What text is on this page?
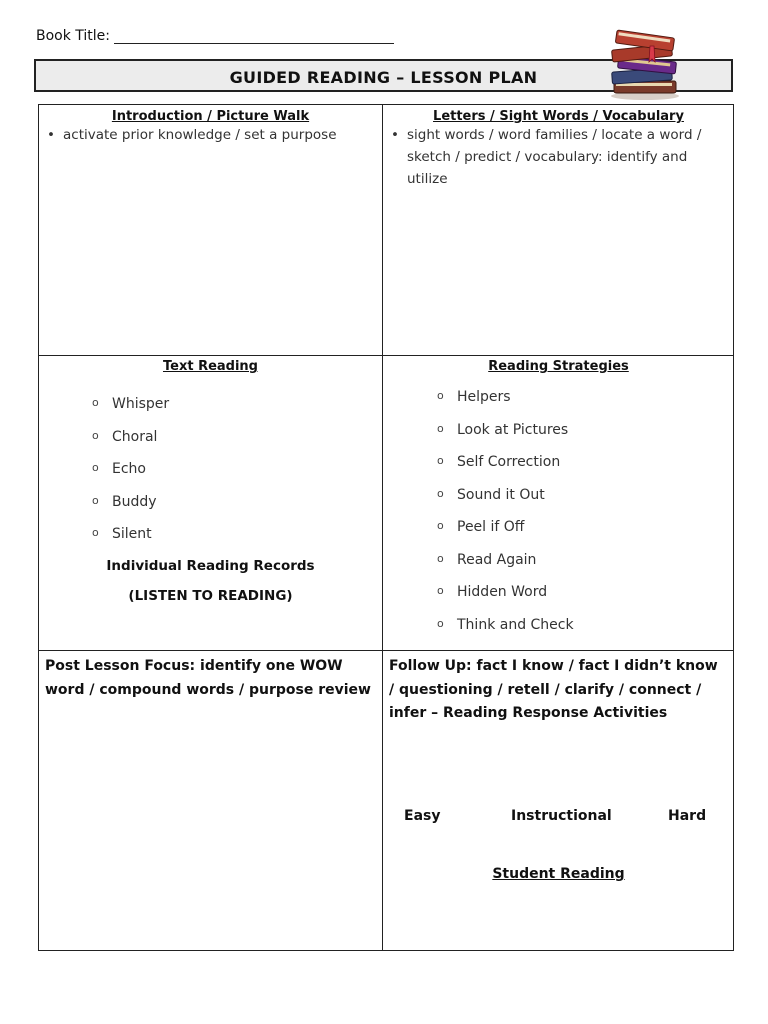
Book Title:
GUIDED READING – LESSON PLAN
Introduction / Picture Walk
• activate prior knowledge / set a purpose
Letters / Sight Words / Vocabulary
• sight words / word families / locate a word /
sketch / predict / vocabulary: identify and
utilize
Text Reading
o Whisper
o Choral
o Echo
o Buddy
o Silent
Individual Reading Records
(LISTEN TO READING)
Reading Strategies
o Helpers
o Look at Pictures
o Self Correction
o Sound it Out
o Peel if Off
o Read Again
o Hidden Word
o Think and Check
Post Lesson Focus: identify one WOW
word / compound words / purpose review
Follow Up: fact I know / fact I didn’t know
/ questioning / retell / clarify / connect /
infer – Reading Response Activities
Student Reading
Easy	Instructional	Hard
